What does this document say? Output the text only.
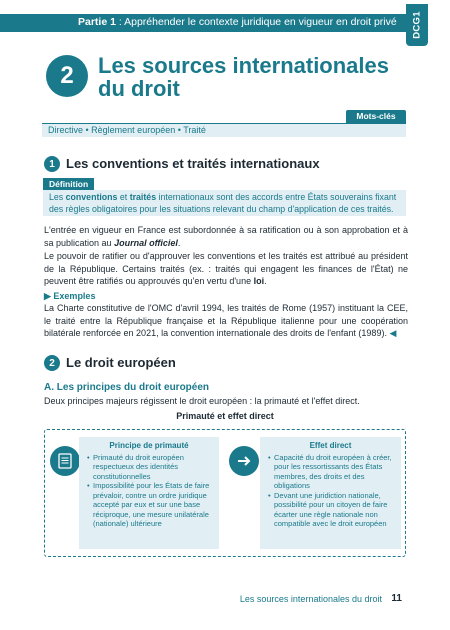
Partie 1 : Appréhender le contexte juridique en vigueur en droit privé DCG1
2	Les sources internationales
du droit
Mots-clés
Directive • Règlement européen • Traité
1 Les conventions et traités internationaux
Définition
Les conventions et traités internationaux sont des accords entre États souverains fixant des règles obligatoires pour les situations relevant du champ d'application de ces traités.
L'entrée en vigueur en France est subordonnée à sa ratification ou à son approbation et à sa publication au Journal officiel.
Le pouvoir de ratifier ou d'approuver les conventions et les traités est attribué au président de la République. Certains traités (ex. : traités qui engagent les finances de l'État) ne peuvent être ratifiés ou approuvés qu'en vertu d'une loi.
▶ Exemples
La Charte constitutive de l'OMC d'avril 1994, les traités de Rome (1957) instituant la CEE, le traité entre la République française et la République italienne pour une coopération bilatérale renforcée en 2021, la convention internationale des droits de l'enfant (1989). ◀
2 Le droit européen
A. Les principes du droit européen
Deux principes majeurs régissent le droit européen : la primauté et l'effet direct.
Primauté et effet direct
Principe de primauté
• Primauté du droit européen respectueux des identités constitutionnelles
• Impossibilité pour les États de faire prévaloir, contre un ordre juridique accepté par eux et sur une base réciproque, une mesure unilatérale (nationale) ultérieure
Effet direct
• Capacité du droit européen à créer, pour les ressortissants des États membres, des droits et des obligations
• Devant une juridiction nationale, possibilité pour un citoyen de faire écarter une règle nationale non compatible avec le droit européen
Les sources internationales du droit 11
